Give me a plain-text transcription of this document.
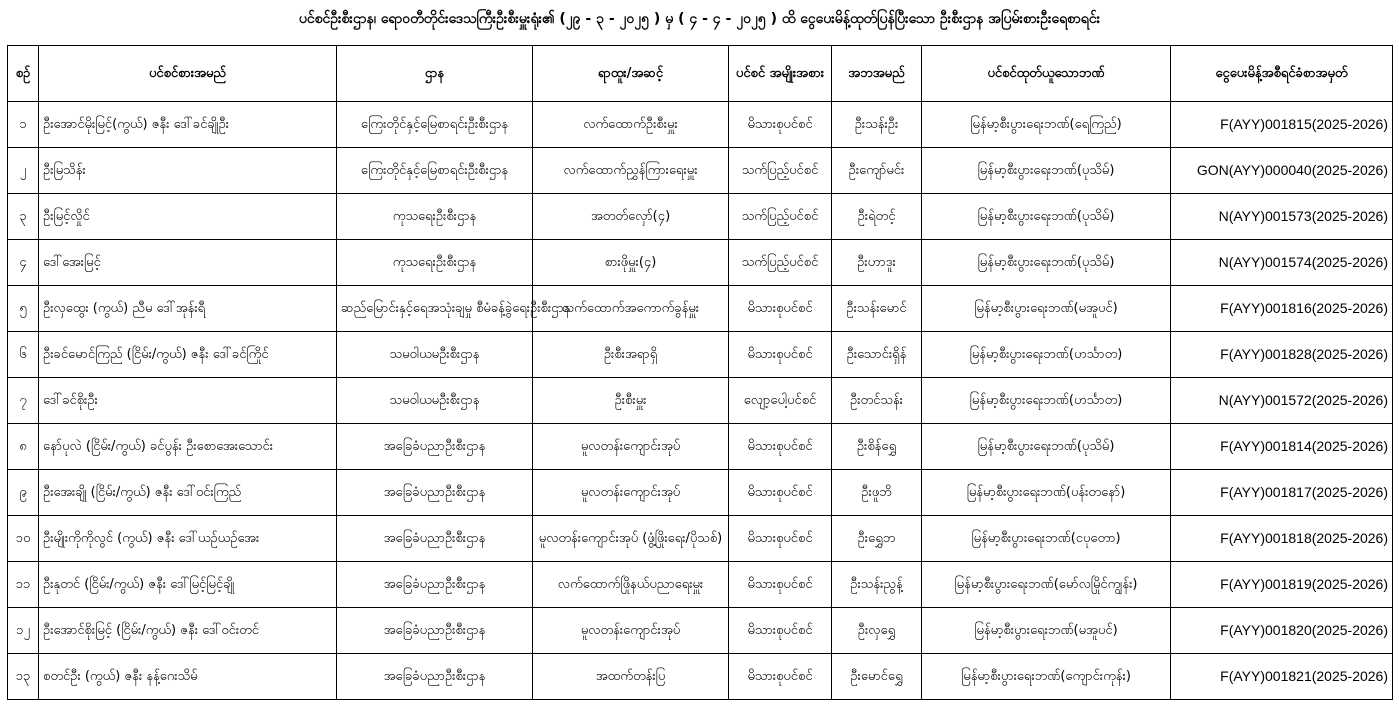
ပင်စင်ဦးစီးဌာန၊ ရောဝတီတိုင်းဒေသကြီးဦးစီးမှူးရုံး၏ (၂၉ - ၃ - ၂၀၂၅ ) မှ ( ၄ - ၄ - ၂၀၂၅ ) ထိ ငွေပေးမိန့်ထုတ်ပြန်ပြီးသော ဦးစီးဌာန အပြမ်းစားဦးရေစာရင်း
စဉ်	ပင်စင်စားအမည်	ဌာန	ရာထူး/အဆင့်	ပင်စင် အမျိုးအစား	အဘအမည်	ပင်စင်ထုတ်ယူသောဘဏ်	ငွေပေးမိန့်အစီရင်ခံစာအမှတ်
၁	ဦးအောင်မိုးမြင့်(ကွယ်) ဇနီး ဒေါ်ခင်ချိုဦး	ကြေးတိုင်နှင့်မြေစာရင်းဦးစီးဌာန	လက်ထောက်ဦးစီးမှူး	မိသားစုပင်စင်	ဦးသန်းဦး	မြန်မာ့စီးပွားရေးဘဏ်(ရေကြည်)	F(AYY)001815(2025-2026)
၂	ဦးမြသိန်း	ကြေးတိုင်နှင့်မြေစာရင်းဦးစီးဌာန	လက်ထောက်ညွှန်ကြားရေးမှူး	သက်ပြည့်ပင်စင်	ဦးကျော်မင်း	မြန်မာ့စီးပွားရေးဘဏ်(ပုသိမ်)	GON(AYY)000040(2025-2026)
၃	ဦးမြင့်လှိုင်	ကုသရေးဦးစီးဌာန	အတတ်လှော်(၄)	သက်ပြည့်ပင်စင်	ဦးရဲတင့်	မြန်မာ့စီးပွားရေးဘဏ်(ပုသိမ်)	N(AYY)001573(2025-2026)
၄	ဒေါ်အေးမြင့်	ကုသရေးဦးစီးဌာန	စားဖိုမှူး(၄)	သက်ပြည့်ပင်စင်	ဦးဟာဒူး	မြန်မာ့စီးပွားရေးဘဏ်(ပုသိမ်)	N(AYY)001574(2025-2026)
၅	ဦးလှထွေး (ကွယ်) ညီမ ဒေါ်အုန်းရီ	ဆည်မြောင်းနှင့်ရေအသုံးချမှု စီမံခန့်ခွဲရေးဦးစီးဌာန	လက်ထောက်အကောက်ခွန်မှူး	မိသားစုပင်စင်	ဦးသန်းမောင်	မြန်မာ့စီးပွားရေးဘဏ်(မအူပင်)	F(AYY)001816(2025-2026)
၆	ဦးခင်မောင်ကြည် (ငြိမ်း/ကွယ်) ဇနီး ဒေါ်ခင်ကြိုင်	သမဝါယမဦးစီးဌာန	ဦးစီးအရာရှိ	မိသားစုပင်စင်	ဦးသောင်းရှိန်	မြန်မာ့စီးပွားရေးဘဏ်(ဟင်္သာတ)	F(AYY)001828(2025-2026)
၇	ဒေါ်ခင်စိုးဦး	သမဝါယမဦးစီးဌာန	ဦးစီးမှူး	လျော့ပေါ့ပင်စင်	ဦးတင်သန်း	မြန်မာ့စီးပွားရေးဘဏ်(ဟင်္သာတ)	N(AYY)001572(2025-2026)
၈	နော်ပုလဲ (ငြိမ်း/ကွယ်) ခင်ပွန်း ဦးစောအေးသောင်း	အခြေခံပညာဦးစီးဌာန	မူလတန်းကျောင်းအုပ်	မိသားစုပင်စင်	ဦးစိန်ရွှေ	မြန်မာ့စီးပွားရေးဘဏ်(ပုသိမ်)	F(AYY)001814(2025-2026)
၉	ဦးအေးချို (ငြိမ်း/ကွယ်) ဇနီး ဒေါ်ဝင်းကြည်	အခြေခံပညာဦးစီးဌာန	မူလတန်းကျောင်းအုပ်	မိသားစုပင်စင်	ဦးဖူဘိ	မြန်မာ့စီးပွားရေးဘဏ်(ပန်းတနော်)	F(AYY)001817(2025-2026)
၁၀	ဦးမျိုးကိုကိုလွင် (ကွယ်) ဇနီး ဒေါ်ယဉ်ယဉ်အေး	အခြေခံပညာဦးစီးဌာန	မူလတန်းကျောင်းအုပ် (ဖွံ့ဖြိုးရေး/ပိုသစ်)	မိသားစုပင်စင်	ဦးရွှေဘ	မြန်မာ့စီးပွားရေးဘဏ်(ငပုတော)	F(AYY)001818(2025-2026)
၁၁	ဦးနုတင် (ငြိမ်း/ကွယ်) ဇနီး ဒေါ်မြင့်မြင့်ချို	အခြေခံပညာဦးစီးဌာန	လက်ထောက်ဖြိုနယ်ပညာရေးမှူး	မိသားစုပင်စင်	ဦးသန်းညွန့်	မြန်မာ့စီးပွားရေးဘဏ်(မော်လမြိုင်ကျွန်း)	F(AYY)001819(2025-2026)
၁၂	ဦးအောင်စိုးမြင့် (ငြိမ်း/ကွယ်) ဇနီး ဒေါ်ဝင်းတင်	အခြေခံပညာဦးစီးဌာန	မူလတန်းကျောင်းအုပ်	မိသားစုပင်စင်	ဦးလှရွှေ	မြန်မာ့စီးပွားရေးဘဏ်(မအူပင်)	F(AYY)001820(2025-2026)
၁၃	စတင်ဦး (ကွယ်) ဇနီး နန့်ဂေးသိမ်	အခြေခံပညာဦးစီးဌာန	အထက်တန်းပြ	မိသားစုပင်စင်	ဦးမောင်ရွှေ	မြန်မာ့စီးပွားရေးဘဏ်(ကျောင်းကုန်း)	F(AYY)001821(2025-2026)
